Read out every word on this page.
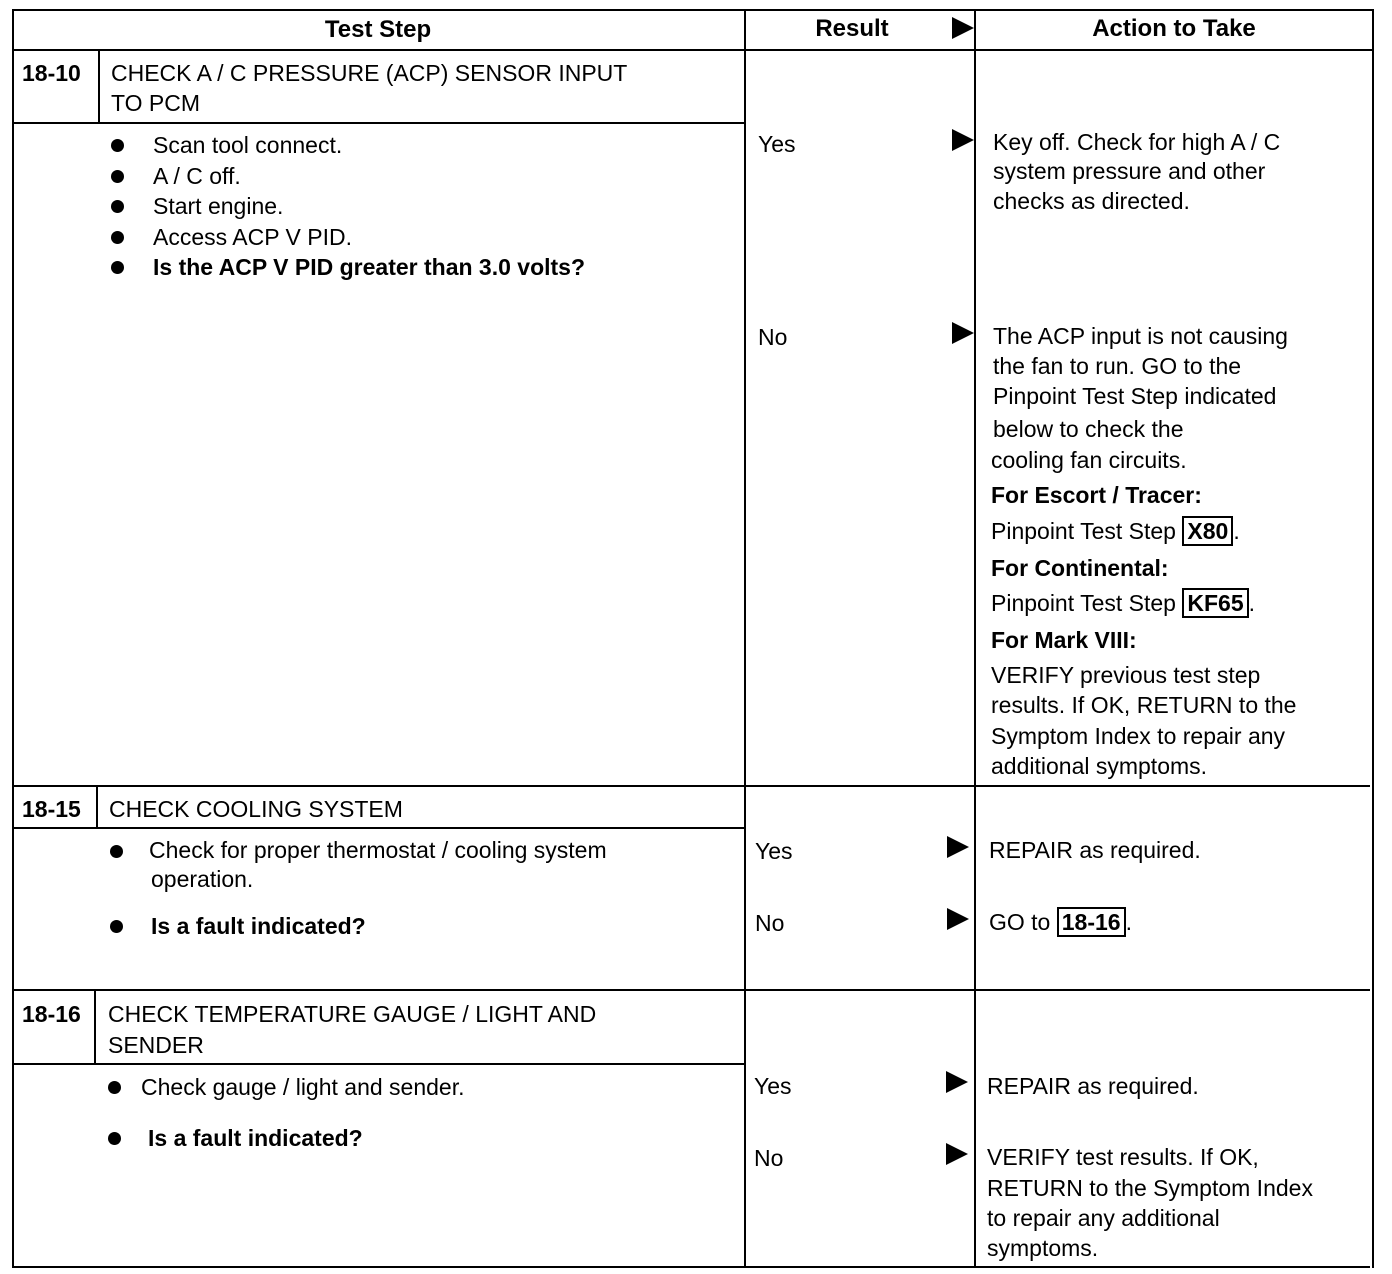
Test Step	Result	Action to Take
18-10 CHECK A / C PRESSURE (ACP) SENSOR INPUT
TO PCM
Scan tool connect.
A / C off.
Start engine.
Access ACP V PID.
Is the ACP V PID greater than 3.0 volts?
Yes	Key off. Check for high A / C
system pressure and other
checks as directed.
No	The ACP input is not causing
the fan to run. GO to the
Pinpoint Test Step indicated
below to check the
cooling fan circuits.
For Escort / Tracer:
Pinpoint Test Step X80 .
For Continental:
Pinpoint Test Step KF65 .
For Mark VIII:
VERIFY previous test step
results. If OK, RETURN to the
Symptom Index to repair any
additional symptoms.
18-15 CHECK COOLING SYSTEM
Check for proper thermostat / cooling system
operation.
Is a fault indicated?
Yes	REPAIR as required.
No	GO to 18-16 .
18-16 CHECK TEMPERATURE GAUGE / LIGHT AND
SENDER
Check gauge / light and sender.
Is a fault indicated?
Yes	REPAIR as required.
No	VERIFY test results. If OK,
RETURN to the Symptom Index
to repair any additional
symptoms.
